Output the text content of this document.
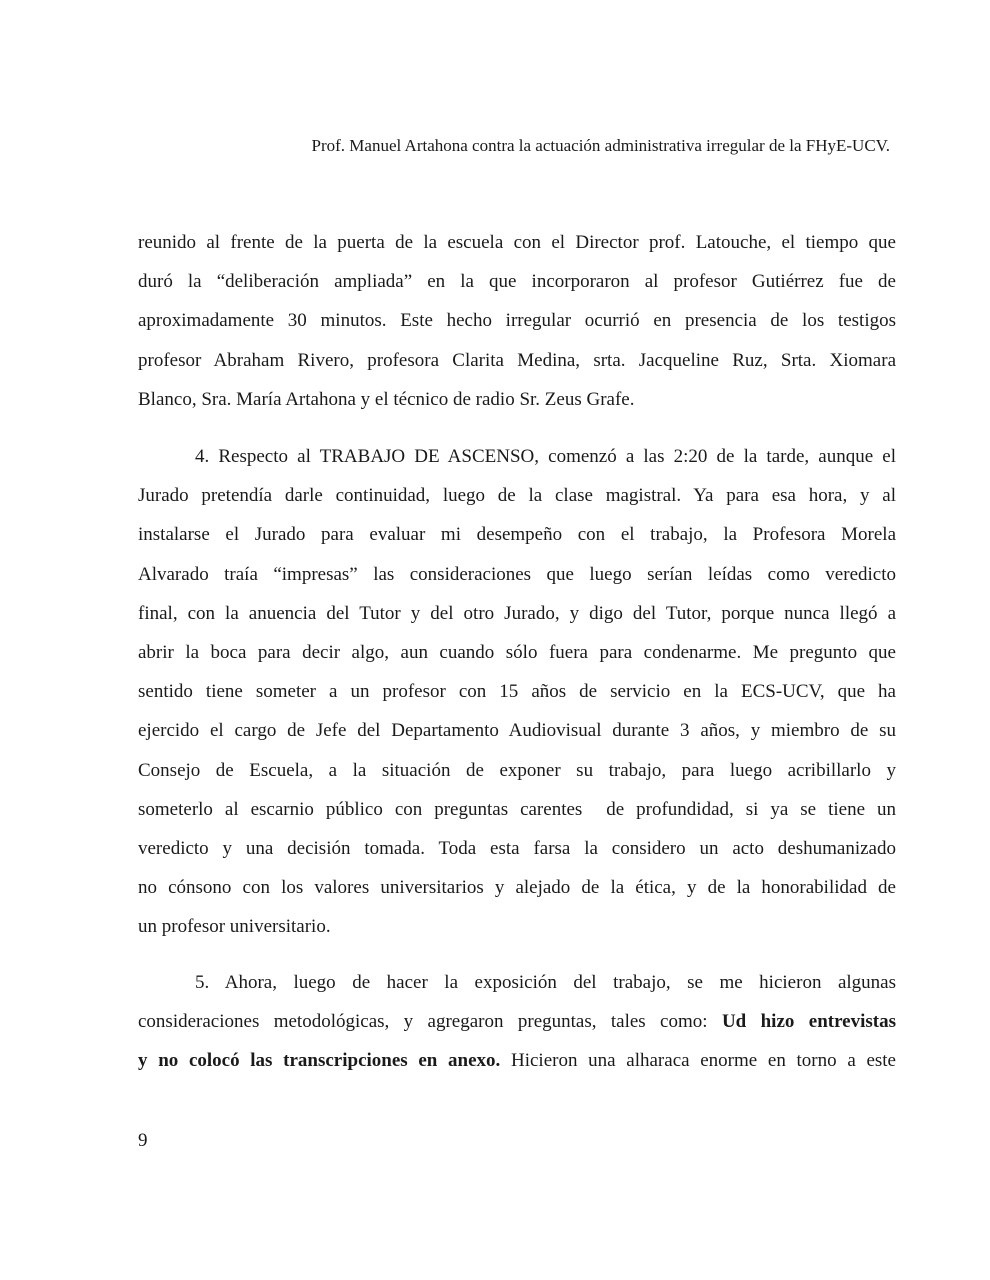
Prof. Manuel Artahona contra la actuación administrativa irregular de la FHyE-UCV.
reunido al frente de la puerta de la escuela con el Director prof. Latouche, el tiempo que
duró la “deliberación ampliada” en la que incorporaron al profesor Gutiérrez fue de
aproximadamente 30 minutos. Este hecho irregular ocurrió en presencia de los testigos
profesor Abraham Rivero, profesora Clarita Medina, srta. Jacqueline Ruz, Srta. Xiomara
Blanco, Sra. María Artahona y el técnico de radio Sr. Zeus Grafe.
4. Respecto al TRABAJO DE ASCENSO, comenzó a las 2:20 de la tarde, aunque el
Jurado pretendía darle continuidad, luego de la clase magistral. Ya para esa hora, y al
instalarse el Jurado para evaluar mi desempeño con el trabajo, la Profesora Morela
Alvarado traía “impresas” las consideraciones que luego serían leídas como veredicto
final, con la anuencia del Tutor y del otro Jurado, y digo del Tutor, porque nunca llegó a
abrir la boca para decir algo, aun cuando sólo fuera para condenarme. Me pregunto que
sentido tiene someter a un profesor con 15 años de servicio en la ECS-UCV, que ha
ejercido el cargo de Jefe del Departamento Audiovisual durante 3 años, y miembro de su
Consejo de Escuela, a la situación de exponer su trabajo, para luego acribillarlo y
someterlo al escarnio público con preguntas carentes  de profundidad, si ya se tiene un
veredicto y una decisión tomada. Toda esta farsa la considero un acto deshumanizado
no cónsono con los valores universitarios y alejado de la ética, y de la honorabilidad de
un profesor universitario.
5. Ahora, luego de hacer la exposición del trabajo, se me hicieron algunas
consideraciones metodológicas, y agregaron preguntas, tales como: Ud hizo entrevistas
y no colocó las transcripciones en anexo. Hicieron una alharaca enorme en torno a este
9
